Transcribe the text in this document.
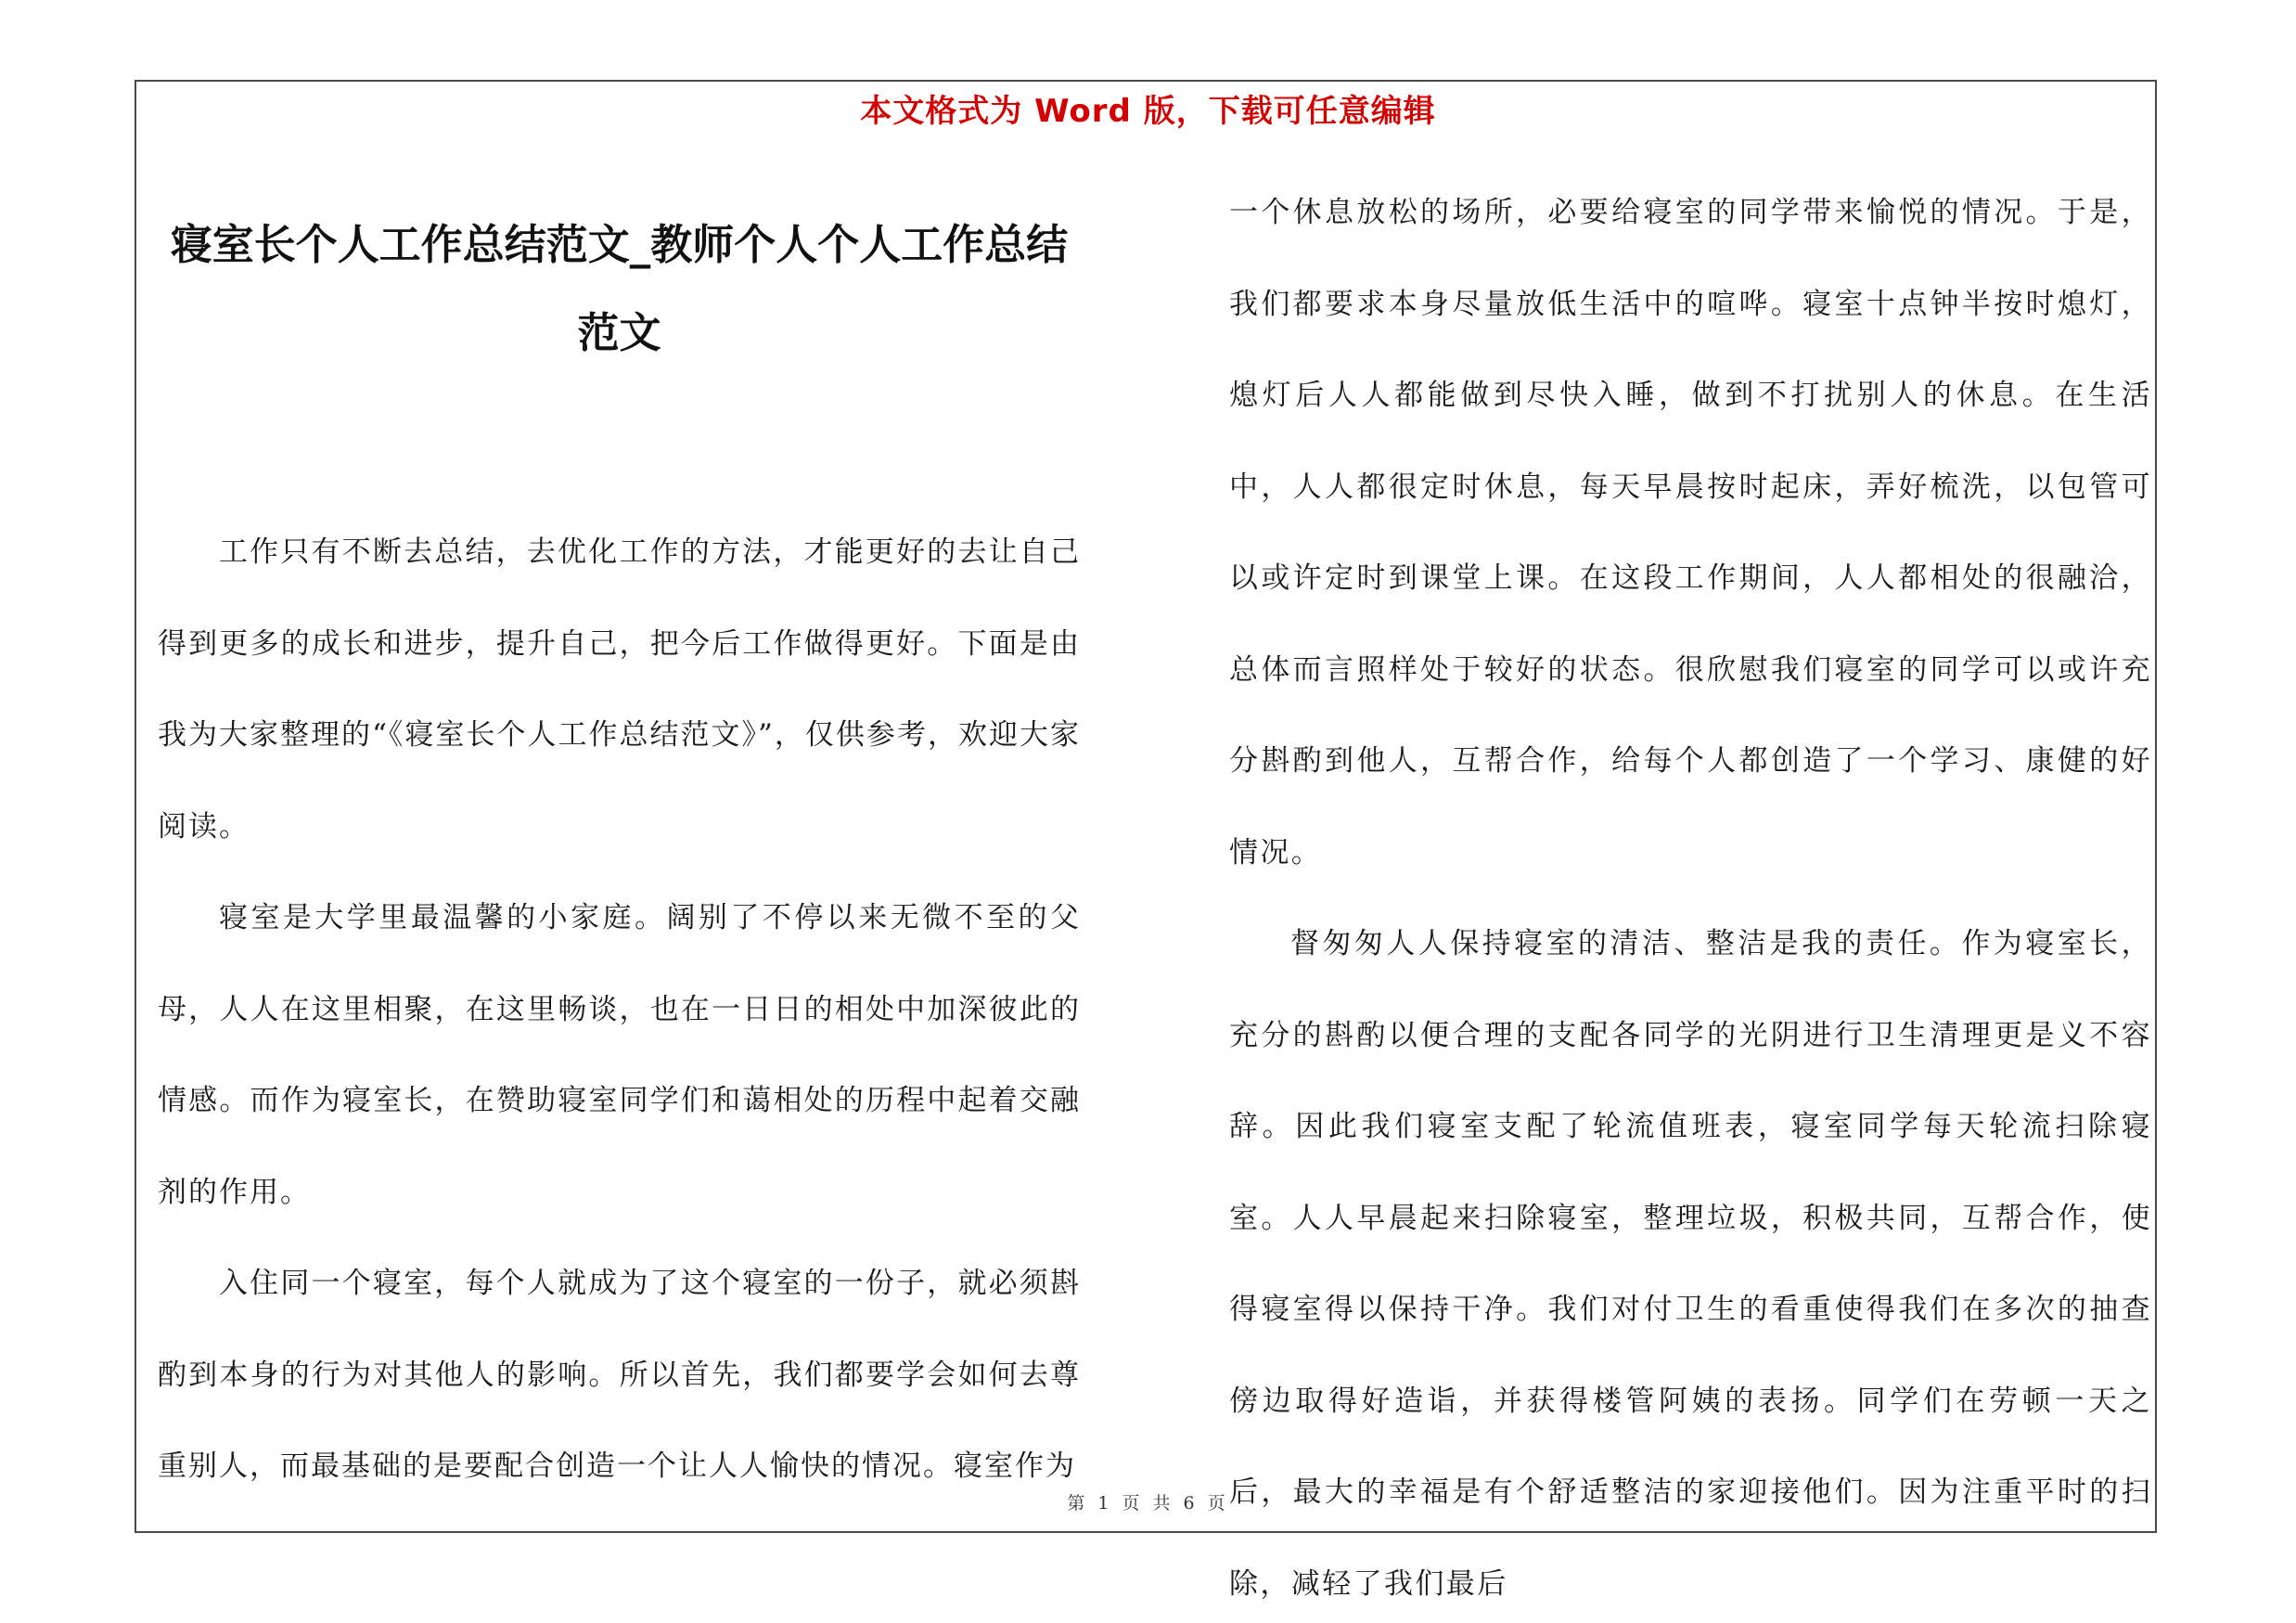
本文格式为 Word 版，下载可任意编辑
寝室长个人工作总结范文_教师个人个人工作总结范文

工作只有不断去总结，去优化工作的方法，才能更好的去让自己得到更多的成长和进步，提升自己，把今后工作做得更好。下面是由我为大家整理的“《寝室长个人工作总结范文》”，仅供参考，欢迎大家阅读。

寝室是大学里最温馨的小家庭。阔别了不停以来无微不至的父母，人人在这里相聚，在这里畅谈，也在一日日的相处中加深彼此的情感。而作为寝室长，在赞助寝室同学们和蔼相处的历程中起着交融剂的作用。

入住同一个寝室，每个人就成为了这个寝室的一份子，就必须斟酌到本身的行为对其他人的影响。所以首先，我们都要学会如何去尊重别人，而最基础的是要配合创造一个让人人愉快的情况。寝室作为

一个休息放松的场所，必要给寝室的同学带来愉悦的情况。于是，我们都要求本身尽量放低生活中的喧哗。寝室十点钟半按时熄灯，熄灯后人人都能做到尽快入睡，做到不打扰别人的休息。在生活中，人人都很定时休息，每天早晨按时起床，弄好梳洗，以包管可以或许定时到课堂上课。在这段工作期间，人人都相处的很融洽，总体而言照样处于较好的状态。很欣慰我们寝室的同学可以或许充分斟酌到他人，互帮合作，给每个人都创造了一个学习、康健的好情况。

督匆匆人人保持寝室的清洁、整洁是我的责任。作为寝室长，充分的斟酌以便合理的支配各同学的光阴进行卫生清理更是义不容辞。因此我们寝室支配了轮流值班表，寝室同学每天轮流扫除寝室。人人早晨起来扫除寝室，整理垃圾，积极共同，互帮合作，使得寝室得以保持干净。我们对付卫生的看重使得我们在多次的抽查傍边取得好造诣，并获得楼管阿姨的表扬。同学们在劳顿一天之后，最大的幸福是有个舒适整洁的家迎接他们。因为注重平时的扫除，减轻了我们最后

第 1 页 共 6 页
